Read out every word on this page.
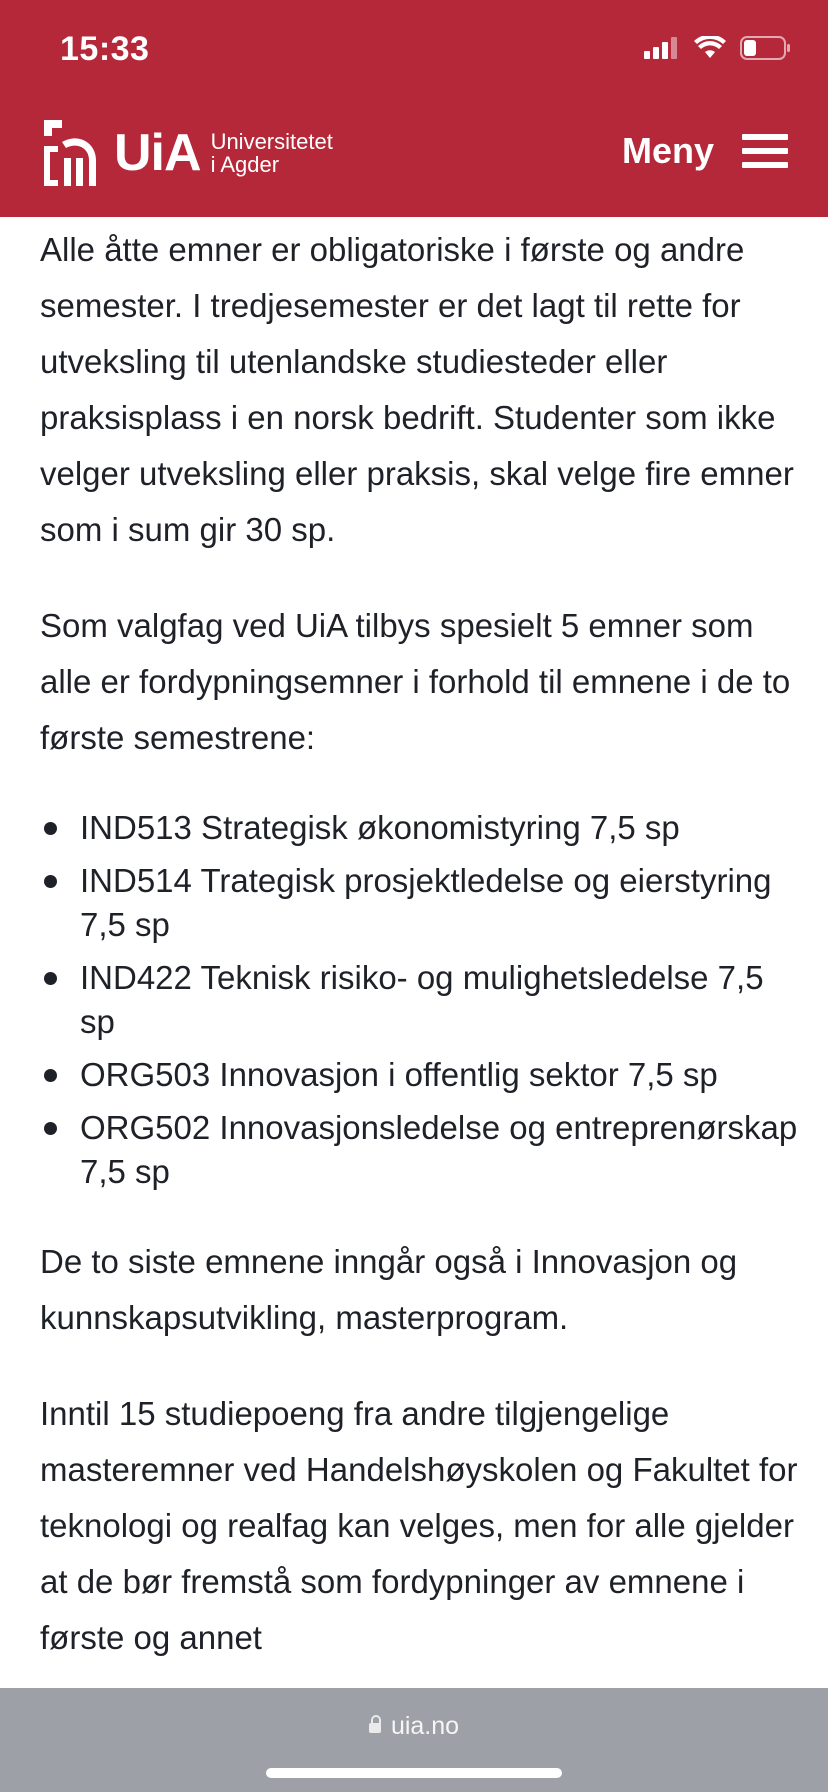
15:33
UiA Universitetet
i Agder	Meny

Alle åtte emner er obligatoriske i første og andre semester. I tredjesemester er det lagt til rette for utveksling til utenlandske studiesteder eller praksisplass i en norsk bedrift. Studenter som ikke velger utveksling eller praksis, skal velge fire emner som i sum gir 30 sp.

Som valgfag ved UiA tilbys spesielt 5 emner som alle er fordypningsemner i forhold til emnene i de to første semestrene:

IND513 Strategisk økonomistyring 7,5 sp
IND514 Trategisk prosjektledelse og eierstyring 7,5 sp
IND422 Teknisk risiko- og mulighetsledelse 7,5 sp
ORG503 Innovasjon i offentlig sektor 7,5 sp
ORG502 Innovasjonsledelse og entreprenørskap 7,5 sp

De to siste emnene inngår også i Innovasjon og kunnskapsutvikling, masterprogram.

Inntil 15 studiepoeng fra andre tilgjengelige masteremner ved Handelshøyskolen og Fakultet for teknologi og realfag kan velges, men for alle gjelder at de bør fremstå som fordypninger av emnene i første og annet

uia.no
